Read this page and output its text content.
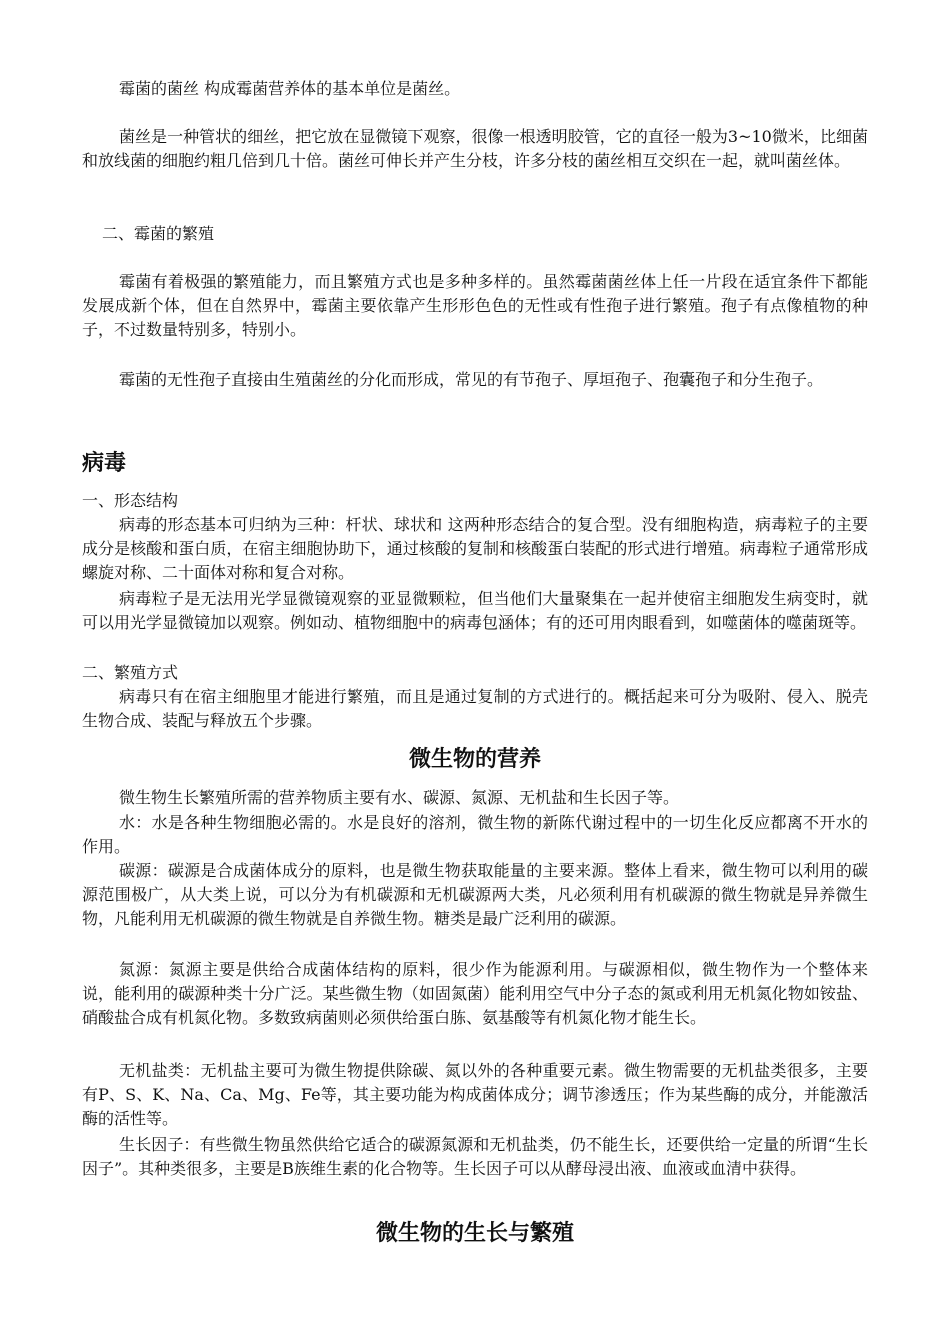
霉菌的菌丝 构成霉菌营养体的基本单位是菌丝。

菌丝是一种管状的细丝，把它放在显微镜下观察，很像一根透明胶管，它的直径一般为3~10微米，比细菌和放线菌的细胞约粗几倍到几十倍。菌丝可伸长并产生分枝，许多分枝的菌丝相互交织在一起，就叫菌丝体。

二、霉菌的繁殖

霉菌有着极强的繁殖能力，而且繁殖方式也是多种多样的。虽然霉菌菌丝体上任一片段在适宜条件下都能发展成新个体，但在自然界中，霉菌主要依靠产生形形色色的无性或有性孢子进行繁殖。孢子有点像植物的种子，不过数量特别多，特别小。

霉菌的无性孢子直接由生殖菌丝的分化而形成，常见的有节孢子、厚垣孢子、孢囊孢子和分生孢子。

病毒

一、形态结构

病毒的形态基本可归纳为三种：杆状、球状和 这两种形态结合的复合型。没有细胞构造，病毒粒子的主要成分是核酸和蛋白质，在宿主细胞协助下，通过核酸的复制和核酸蛋白装配的形式进行增殖。病毒粒子通常形成螺旋对称、二十面体对称和复合对称。

病毒粒子是无法用光学显微镜观察的亚显微颗粒，但当他们大量聚集在一起并使宿主细胞发生病变时，就可以用光学显微镜加以观察。例如动、植物细胞中的病毒包涵体；有的还可用肉眼看到，如噬菌体的噬菌斑等。

二、繁殖方式

病毒只有在宿主细胞里才能进行繁殖，而且是通过复制的方式进行的。概括起来可分为吸附、侵入、脱壳生物合成、装配与释放五个步骤。

微生物的营养

微生物生长繁殖所需的营养物质主要有水、碳源、氮源、无机盐和生长因子等。

水：水是各种生物细胞必需的。水是良好的溶剂，微生物的新陈代谢过程中的一切生化反应都离不开水的作用。

碳源：碳源是合成菌体成分的原料，也是微生物获取能量的主要来源。整体上看来，微生物可以利用的碳源范围极广，从大类上说，可以分为有机碳源和无机碳源两大类，凡必须利用有机碳源的微生物就是异养微生物，凡能利用无机碳源的微生物就是自养微生物。糖类是最广泛利用的碳源。

氮源：氮源主要是供给合成菌体结构的原料，很少作为能源利用。与碳源相似，微生物作为一个整体来说，能利用的碳源种类十分广泛。某些微生物（如固氮菌）能利用空气中分子态的氮或利用无机氮化物如铵盐、硝酸盐合成有机氮化物。多数致病菌则必须供给蛋白胨、氨基酸等有机氮化物才能生长。

无机盐类：无机盐主要可为微生物提供除碳、氮以外的各种重要元素。微生物需要的无机盐类很多，主要有P、S、K、Na、Ca、Mg、Fe等，其主要功能为构成菌体成分；调节渗透压；作为某些酶的成分，并能激活酶的活性等。

生长因子：有些微生物虽然供给它适合的碳源氮源和无机盐类，仍不能生长，还要供给一定量的所谓“生长因子”。其种类很多，主要是B族维生素的化合物等。生长因子可以从酵母浸出液、血液或血清中获得。

微生物的生长与繁殖
